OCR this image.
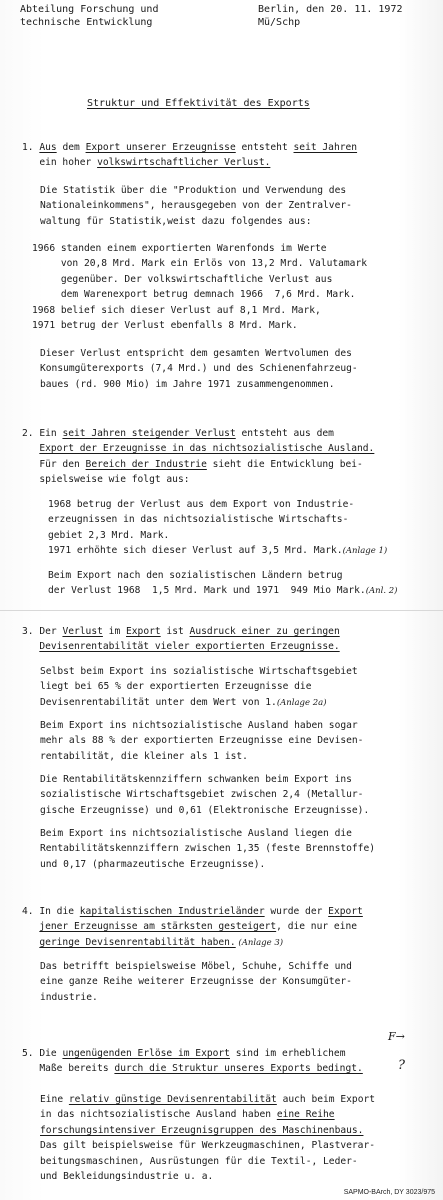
Abteilung Forschung und
technische Entwicklung
Berlin, den 20. 11. 1972
Mü/Schp
Struktur und Effektivität des Exports
1. Aus dem Export unserer Erzeugnisse entsteht seit Jahren
ein hoher volkswirtschaftlicher Verlust.
Die Statistik über die "Produktion und Verwendung des
Nationaleinkommens", herausgegeben von der Zentralver-
waltung für Statistik,weist dazu folgendes aus:
1966 standen einem exportierten Warenfonds im Werte
von 20,8 Mrd. Mark ein Erlös von 13,2 Mrd. Valutamark
gegenüber. Der volkswirtschaftliche Verlust aus
dem Warenexport betrug demnach 1966  7,6 Mrd. Mark.
1968 belief sich dieser Verlust auf 8,1 Mrd. Mark,
1971 betrug der Verlust ebenfalls 8 Mrd. Mark.
Dieser Verlust entspricht dem gesamten Wertvolumen des
Konsumgüterexports (7,4 Mrd.) und des Schienenfahrzeug-
baues (rd. 900 Mio) im Jahre 1971 zusammengenommen.
2. Ein seit Jahren steigender Verlust entsteht aus dem
Export der Erzeugnisse in das nichtsozialistische Ausland.
Für den Bereich der Industrie sieht die Entwicklung bei-
spielsweise wie folgt aus:
1968 betrug der Verlust aus dem Export von Industrie-
erzeugnissen in das nichtsozialistische Wirtschafts-
gebiet 2,3 Mrd. Mark.
1971 erhöhte sich dieser Verlust auf 3,5 Mrd. Mark.(Anlage 1)
Beim Export nach den sozialistischen Ländern betrug
der Verlust 1968  1,5 Mrd. Mark und 1971  949 Mio Mark.(Anl. 2)
3. Der Verlust im Export ist Ausdruck einer zu geringen
Devisenrentabilität vieler exportierten Erzeugnisse.
Selbst beim Export ins sozialistische Wirtschaftsgebiet
liegt bei 65 % der exportierten Erzeugnisse die
Devisenrentabilität unter dem Wert von 1.(Anlage 2a)
Beim Export ins nichtsozialistische Ausland haben sogar
mehr als 88 % der exportierten Erzeugnisse eine Devisen-
rentabilität, die kleiner als 1 ist.
Die Rentabilitätskennziffern schwanken beim Export ins
sozialistische Wirtschaftsgebiet zwischen 2,4 (Metallur-
gische Erzeugnisse) und 0,61 (Elektronische Erzeugnisse).
Beim Export ins nichtsozialistische Ausland liegen die
Rentabilitätskennziffern zwischen 1,35 (feste Brennstoffe)
und 0,17 (pharmazeutische Erzeugnisse).
4. In die kapitalistischen Industrieländer wurde der Export
jener Erzeugnisse am stärksten gesteigert, die nur eine
geringe Devisenrentabilität haben. (Anlage 3)
Das betrifft beispielsweise Möbel, Schuhe, Schiffe und
eine ganze Reihe weiterer Erzeugnisse der Konsumgüter-
industrie.
F→
5. Die ungenügenden Erlöse im Export sind im erheblichem
Maße bereits durch die Struktur unseres Exports bedingt.	?
Eine relativ günstige Devisenrentabilität auch beim Export
in das nichtsozialistische Ausland haben eine Reihe
forschungsintensiver Erzeugnisgruppen des Maschinenbaus.
Das gilt beispielsweise für Werkzeugmaschinen, Plastverar-
beitungsmaschinen, Ausrüstungen für die Textil-, Leder-
und Bekleidungsindustrie u. a.
SAPMO-BArch, DY 3023/975
